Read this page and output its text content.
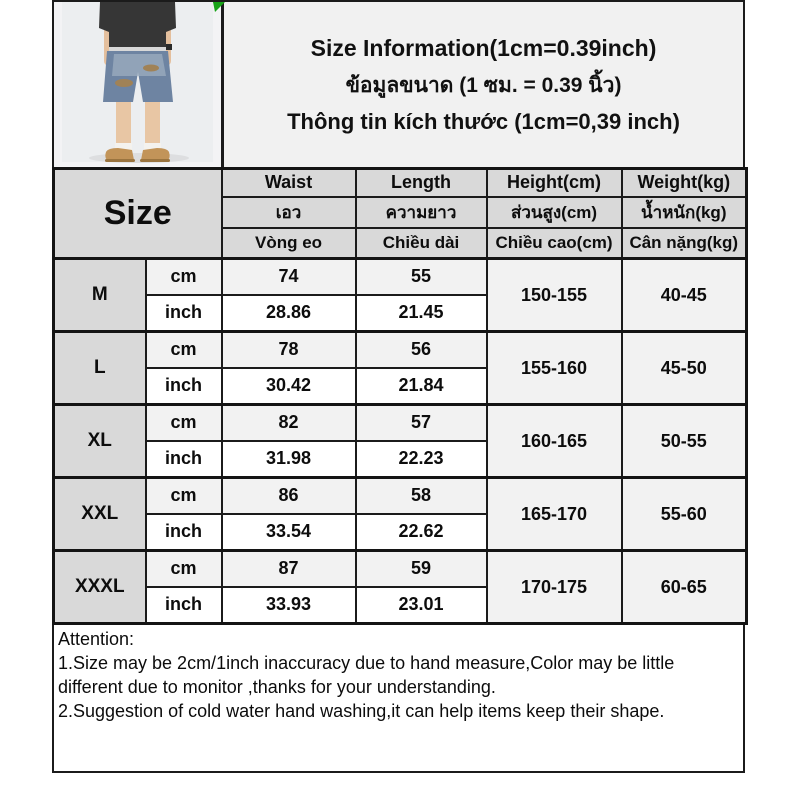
Size Information(1cm=0.39inch)
ข้อมูลขนาด (1 ซม. = 0.39 นิ้ว)
Thông tin kích thước (1cm=0,39 inch)
Size		Waist	Length	Height(cm)	Weight(kg)
		เอว	ความยาว	ส่วนสูง(cm)	น้ำหนัก(kg)
		Vòng eo	Chiều dài	Chiều cao(cm)	Cân nặng(kg)
M	cm	74	55	150-155	40-45
	inch	28.86	21.45		
L	cm	78	56	155-160	45-50
	inch	30.42	21.84		
XL	cm	82	57	160-165	50-55
	inch	31.98	22.23		
XXL	cm	86	58	165-170	55-60
	inch	33.54	22.62		
XXXL	cm	87	59	170-175	60-65
	inch	33.93	23.01		

Attention:

1.Size may be 2cm/1inch inaccuracy due to hand measure,Color may be little different due to monitor ,thanks for your understanding.

2.Suggestion of cold water hand washing,it can help items keep their shape.
